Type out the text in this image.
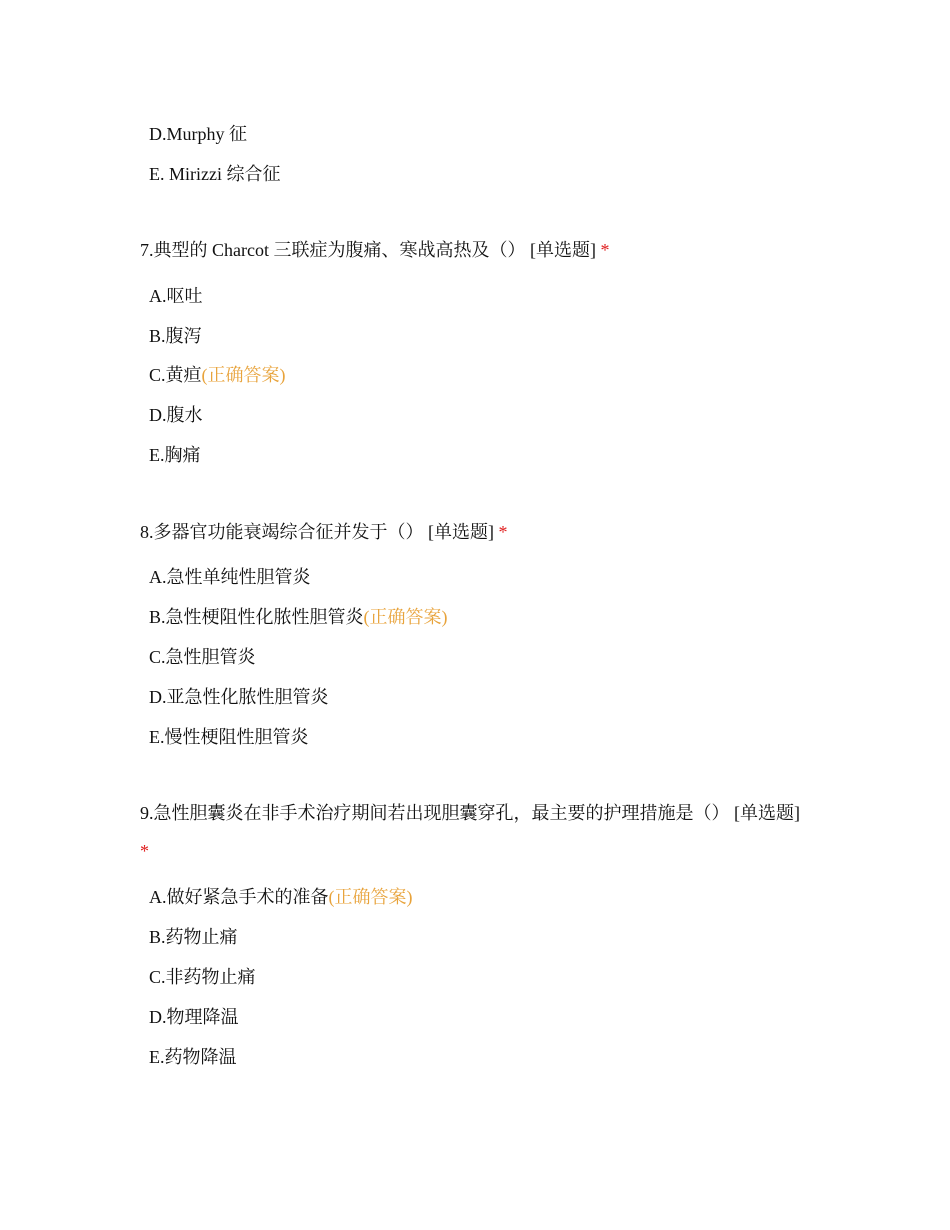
D.Murphy 征
E. Mirizzi 综合征
7.典型的 Charcot 三联症为腹痛、寒战高热及（） [单选题] *
A.呕吐
B.腹泻
C.黄疸(正确答案)
D.腹水
E.胸痛
8.多器官功能衰竭综合征并发于（） [单选题] *
A.急性单纯性胆管炎
B.急性梗阻性化脓性胆管炎(正确答案)
C.急性胆管炎
D.亚急性化脓性胆管炎
E.慢性梗阻性胆管炎
9.急性胆囊炎在非手术治疗期间若出现胆囊穿孔，最主要的护理措施是（） [单选题] *
A.做好紧急手术的准备(正确答案)
B.药物止痛
C.非药物止痛
D.物理降温
E.药物降温
